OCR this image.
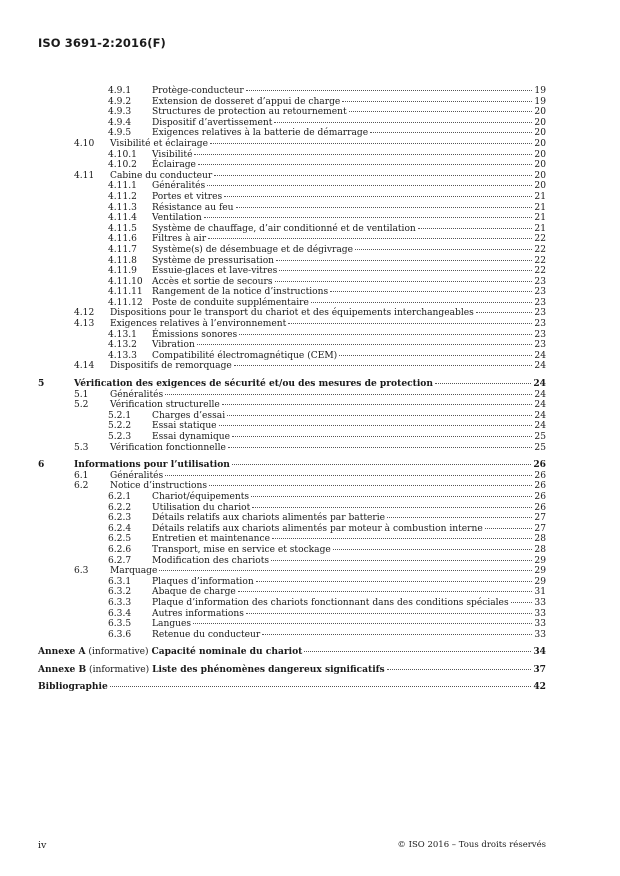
ISO 3691-2:2016(F)
4.9.1 Protège-conducteur	19
4.9.2 Extension de dosseret d’appui de charge	19
4.9.3 Structures de protection au retournement	20
4.9.4 Dispositif d’avertissement	20
4.9.5 Exigences relatives à la batterie de démarrage	20
4.10 Visibilité et éclairage	20
4.10.1 Visibilité	20
4.10.2 Éclairage	20
4.11 Cabine du conducteur	20
4.11.1 Généralités	20
4.11.2 Portes et vitres	21
4.11.3 Résistance au feu	21
4.11.4 Ventilation	21
4.11.5 Système de chauffage, d’air conditionné et de ventilation	21
4.11.6 Filtres à air	22
4.11.7 Système(s) de désembuage et de dégivrage	22
4.11.8 Système de pressurisation	22
4.11.9 Essuie-glaces et lave-vitres	22
4.11.10 Accès et sortie de secours	23
4.11.11 Rangement de la notice d’instructions	23
4.11.12 Poste de conduite supplémentaire	23
4.12 Dispositions pour le transport du chariot et des équipements interchangeables	23
4.13 Exigences relatives à l’environnement	23
4.13.1 Émissions sonores	23
4.13.2 Vibration	23
4.13.3 Compatibilité électromagnétique (CEM)	24
4.14 Dispositifs de remorquage	24
5	Vérification des exigences de sécurité et/ou des mesures de protection	24
5.1 Généralités	24
5.2 Vérification structurelle	24
5.2.1 Charges d’essai	24
5.2.2 Essai statique	24
5.2.3 Essai dynamique	25
5.3 Vérification fonctionnelle	25
6	Informations pour l’utilisation	26
6.1 Généralités	26
6.2 Notice d’instructions	26
6.2.1 Chariot/équipements	26
6.2.2 Utilisation du chariot	26
6.2.3 Détails relatifs aux chariots alimentés par batterie	27
6.2.4 Détails relatifs aux chariots alimentés par moteur à combustion interne	27
6.2.5 Entretien et maintenance	28
6.2.6 Transport, mise en service et stockage	28
6.2.7 Modification des chariots	29
6.3 Marquage	29
6.3.1 Plaques d’information	29
6.3.2 Abaque de charge	31
6.3.3 Plaque d’information des chariots fonctionnant dans des conditions spéciales	33
6.3.4 Autres informations	33
6.3.5 Langues	33
6.3.6 Retenue du conducteur	33
Annexe A (informative) Capacité nominale du chariot	34
Annexe B (informative) Liste des phénomènes dangereux significatifs	37
Bibliographie	42
iv	© ISO 2016 – Tous droits réservés
